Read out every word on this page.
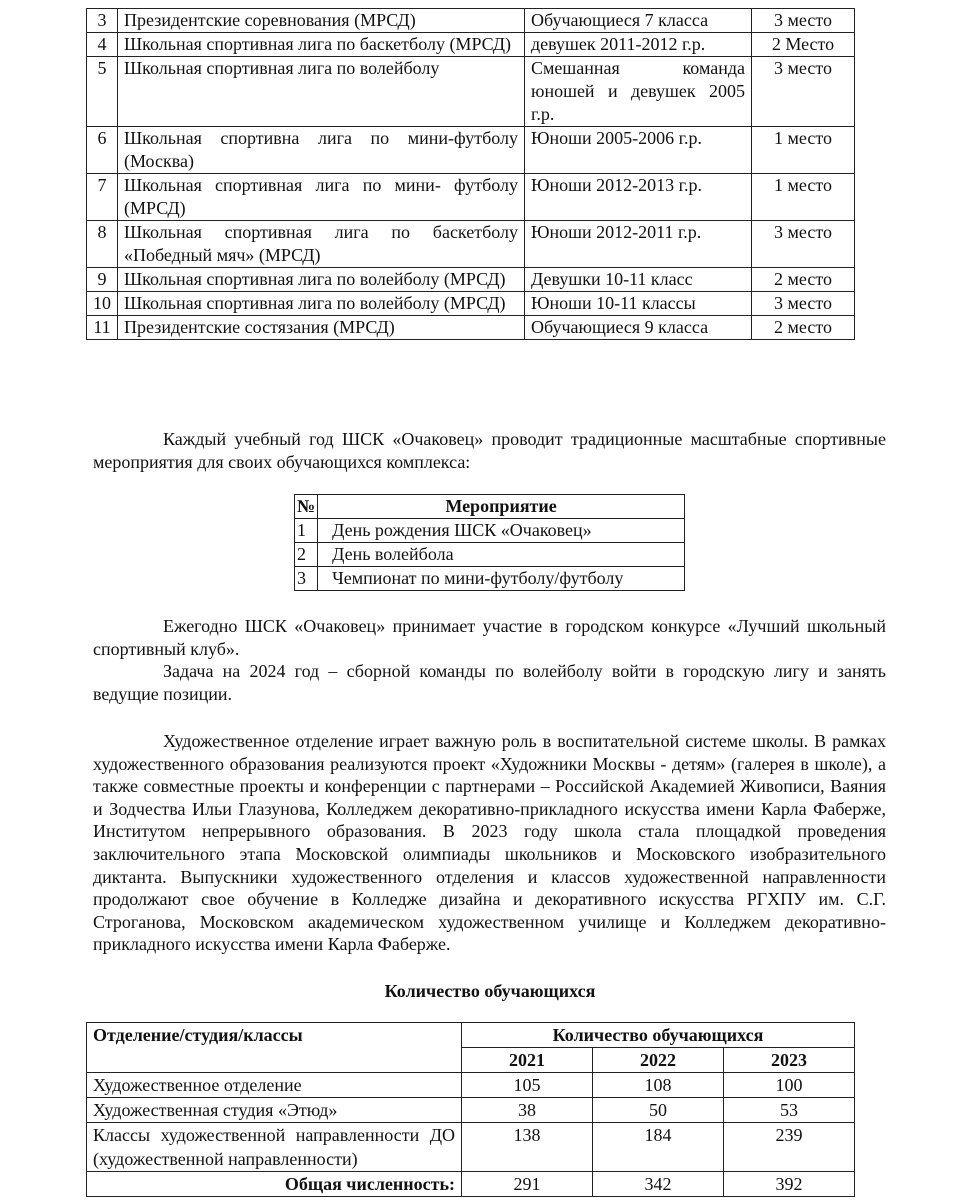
3	Президентские соревнования (МРСД)	Обучающиеся 7 класса	3 место
4	Школьная спортивная лига по баскетболу (МРСД)	девушек 2011-2012 г.р.	2 Место
5	Школьная спортивная лига по волейболу	Смешанная команда юношей и девушек 2005 г.р.	3 место
6	Школьная спортивна лига по мини-футболу (Москва)	Юноши 2005-2006 г.р.	1 место
7	Школьная спортивная лига по мини- футболу (МРСД)	Юноши 2012-2013 г.р.	1 место
8	Школьная спортивная лига по баскетболу «Победный мяч» (МРСД)	Юноши 2012-2011 г.р.	3 место
9	Школьная спортивная лига по волейболу (МРСД)	Девушки 10-11 класс	2 место
10	Школьная спортивная лига по волейболу (МРСД)	Юноши 10-11 классы	3 место
11	Президентские состязания (МРСД)	Обучающиеся 9 класса	2 место

Каждый учебный год ШСК «Очаковец» проводит традиционные масштабные спортивные мероприятия для своих обучающихся комплекса:

№	Мероприятие
1	День рождения ШСК «Очаковец»
2	День волейбола
3	Чемпионат по мини-футболу/футболу

Ежегодно ШСК «Очаковец» принимает участие в городском конкурсе «Лучший школьный спортивный клуб».

Задача на 2024 год – сборной команды по волейболу войти в городскую лигу и занять ведущие позиции.

Художественное отделение играет важную роль в воспитательной системе школы. В рамках художественного образования реализуются проект «Художники Москвы - детям» (галерея в школе), а также совместные проекты и конференции с партнерами – Российской Академией Живописи, Ваяния и Зодчества Ильи Глазунова, Колледжем декоративно-прикладного искусства имени Карла Фаберже, Институтом непрерывного образования. В 2023 году школа стала площадкой проведения заключительного этапа Московской олимпиады школьников и Московского изобразительного диктанта. Выпускники художественного отделения и классов художественной направленности продолжают свое обучение в Колледже дизайна и декоративного искусства РГХПУ им. С.Г. Строганова, Московском академическом художественном училище и Колледжем декоративно-прикладного искусства имени Карла Фаберже.

Количество обучающихся

Отделение/студия/классы	Количество обучающихся		
	2021	2022	2023
Художественное отделение	105	108	100
Художественная студия «Этюд»	38	50	53
Классы художественной направленности ДО (художественной направленности)	138	184	239
Общая численность:	291	342	392
